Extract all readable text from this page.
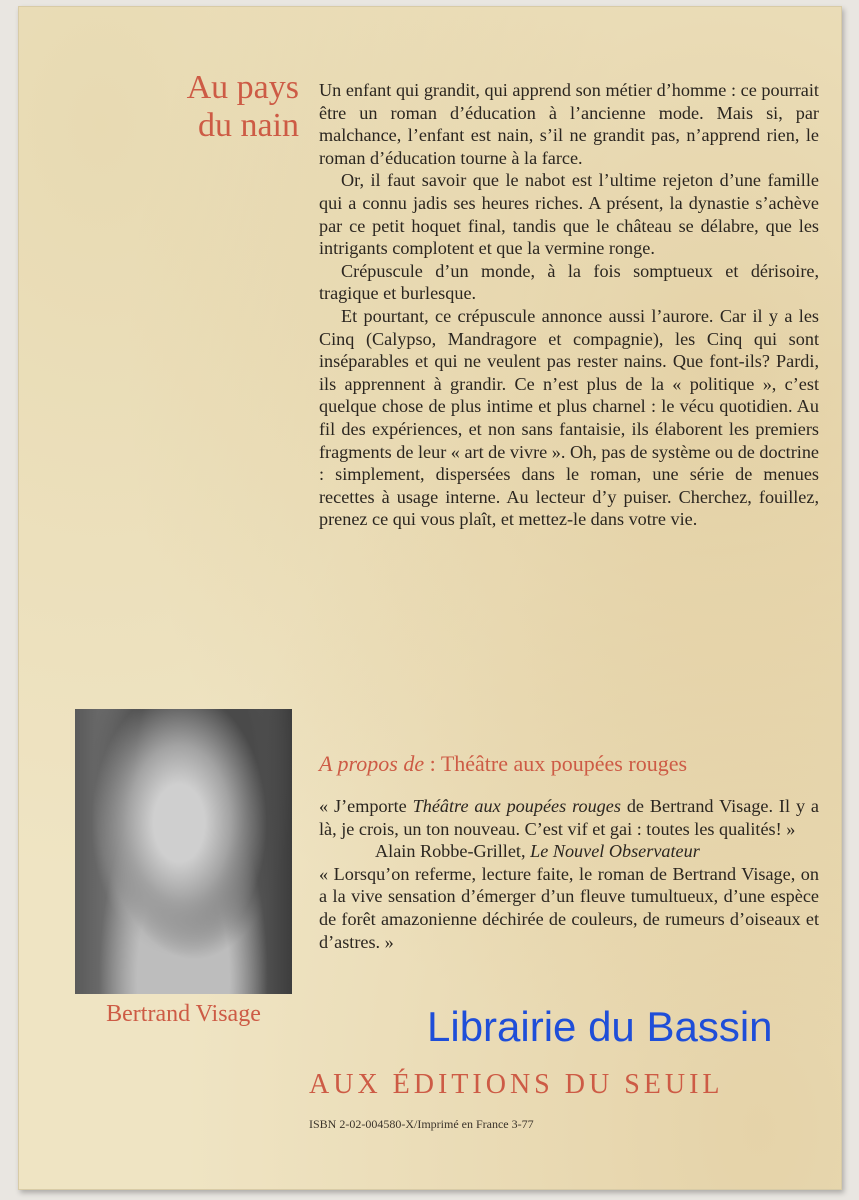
Au pays
du nain

Un enfant qui grandit, qui apprend son métier d’homme : ce pourrait être un roman d’éducation à l’ancienne mode. Mais si, par malchance, l’enfant est nain, s’il ne grandit pas, n’apprend rien, le roman d’éducation tourne à la farce.

Or, il faut savoir que le nabot est l’ultime rejeton d’une famille qui a connu jadis ses heures riches. A présent, la dynastie s’achève par ce petit hoquet final, tandis que le château se délabre, que les intrigants complotent et que la vermine ronge.

Crépuscule d’un monde, à la fois somptueux et dérisoire, tragique et burlesque.

Et pourtant, ce crépuscule annonce aussi l’aurore. Car il y a les Cinq (Calypso, Mandragore et compagnie), les Cinq qui sont inséparables et qui ne veulent pas rester nains. Que font-ils? Pardi, ils apprennent à grandir. Ce n’est plus de la « politique », c’est quelque chose de plus intime et plus charnel : le vécu quotidien. Au fil des expériences, et non sans fantaisie, ils élaborent les premiers fragments de leur « art de vivre ». Oh, pas de système ou de doctrine : simplement, dispersées dans le roman, une série de menues recettes à usage interne. Au lecteur d’y puiser. Cherchez, fouillez, prenez ce qui vous plaît, et mettez-le dans votre vie.

Bertrand Visage
A propos de : Théâtre aux poupées rouges

« J’emporte Théâtre aux poupées rouges de Bertrand Visage. Il y a là, je crois, un ton nouveau. C’est vif et gai : toutes les qualités! »

Alain Robbe-Grillet, Le Nouvel Observateur

« Lorsqu’on referme, lecture faite, le roman de Bertrand Visage, on a la vive sensation d’émerger d’un fleuve tumultueux, d’une espèce de forêt amazonienne déchirée de couleurs, de rumeurs d’oiseaux et d’astres. »

Librairie du Bassin
AUX ÉDITIONS DU SEUIL
ISBN 2-02-004580-X/Imprimé en France 3-77
